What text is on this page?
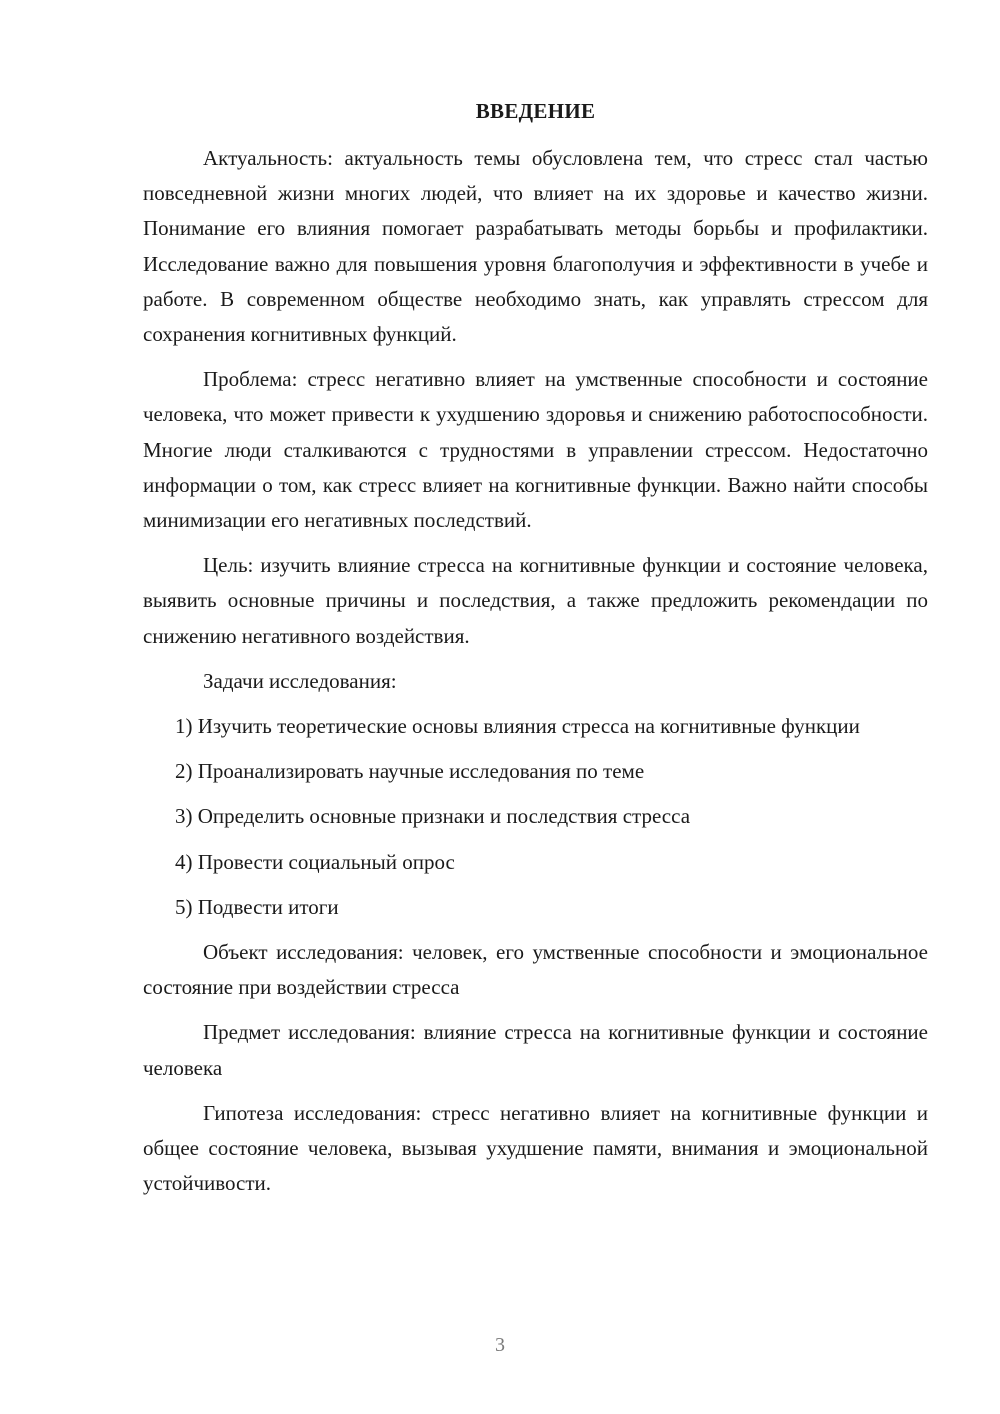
ВВЕДЕНИЕ

Актуальность: актуальность темы обусловлена тем, что стресс стал частью повседневной жизни многих людей, что влияет на их здоровье и качество жизни. Понимание его влияния помогает разрабатывать методы борьбы и профилактики. Исследование важно для повышения уровня благополучия и эффективности в учебе и работе. В современном обществе необходимо знать, как управлять стрессом для сохранения когнитивных функций.

Проблема: стресс негативно влияет на умственные способности и состояние человека, что может привести к ухудшению здоровья и снижению работоспособности. Многие люди сталкиваются с трудностями в управлении стрессом. Недостаточно информации о том, как стресс влияет на когнитивные функции. Важно найти способы минимизации его негативных последствий.

Цель: изучить влияние стресса на когнитивные функции и состояние человека, выявить основные причины и последствия, а также предложить рекомендации по снижению негативного воздействия.

Задачи исследования:

1) Изучить теоретические основы влияния стресса на когнитивные функции

2) Проанализировать научные исследования по теме

3) Определить основные признаки и последствия стресса

4) Провести социальный опрос

5) Подвести итоги

Объект исследования: человек, его умственные способности и эмоциональное состояние при воздействии стресса

Предмет исследования: влияние стресса на когнитивные функции и состояние человека

Гипотеза исследования: стресс негативно влияет на когнитивные функции и общее состояние человека, вызывая ухудшение памяти, внимания и эмоциональной устойчивости.

3
